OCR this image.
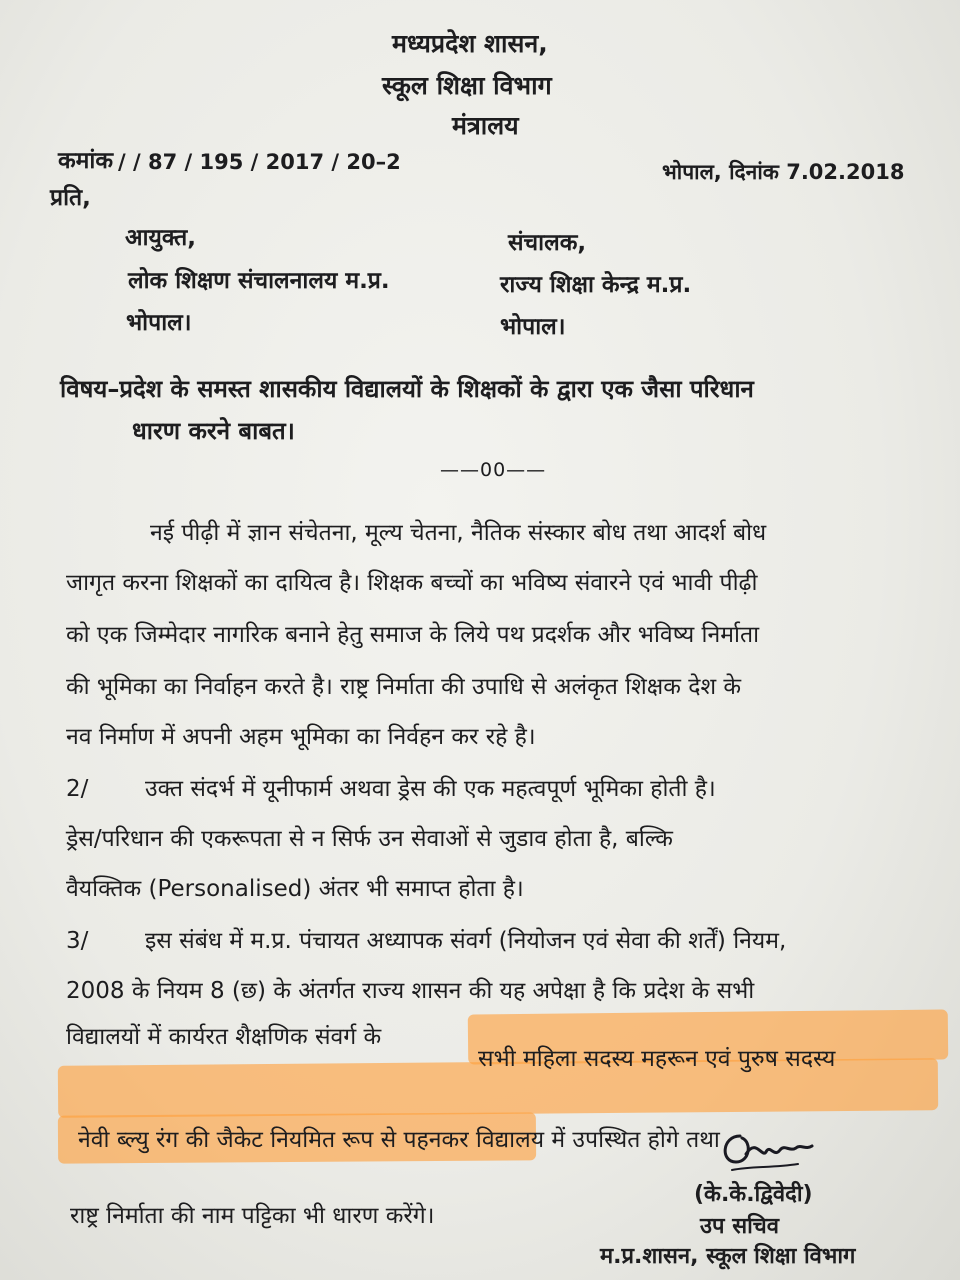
मध्यप्रदेश शासन,
स्कूल शिक्षा विभाग
मंत्रालय
कमांक / / 87 / 195 / 2017 / 20–2	भोपाल, दिनांक 7.02.2018
प्रति,
आयुक्त,
लोक शिक्षण संचालनालय म.प्र.
भोपाल।
संचालक,
राज्य शिक्षा केन्द्र म.प्र.
भोपाल।
विषय–प्रदेश के समस्त शासकीय विद्यालयों के शिक्षकों के द्वारा एक जैसा परिधान
धारण करने बाबत।
——00——
नई पीढ़ी में ज्ञान संचेतना, मूल्य चेतना, नैतिक संस्कार बोध तथा आदर्श बोध
जागृत करना शिक्षकों का दायित्व है। शिक्षक बच्चों का भविष्य संवारने एवं भावी पीढ़ी
को एक जिम्मेदार नागरिक बनाने हेतु समाज के लिये पथ प्रदर्शक और भविष्य निर्माता
की भूमिका का निर्वाहन करते है। राष्ट्र निर्माता की उपाधि से अलंकृत शिक्षक देश के
नव निर्माण में अपनी अहम भूमिका का निर्वहन कर रहे है।
2/ उक्त संदर्भ में यूनीफार्म अथवा ड्रेस की एक महत्वपूर्ण भूमिका होती है।
ड्रेस/परिधान की एकरूपता से न सिर्फ उन सेवाओं से जुडाव होता है, बल्कि
वैयक्तिक (Personalised) अंतर भी समाप्त होता है।
3/ इस संबंध में म.प्र. पंचायत अध्यापक संवर्ग (नियोजन एवं सेवा की शर्तें) नियम,
2008 के नियम 8 (छ) के अंतर्गत राज्य शासन की यह अपेक्षा है कि प्रदेश के सभी
विद्यालयों में कार्यरत शैक्षणिक संवर्ग के
सभी महिला सदस्य महरून एवं पुरुष सदस्य
नेवी ब्ल्यु रंग की जैकेट नियमित रूप से पहनकर विद्यालय में उपस्थित होगे तथा
राष्ट्र निर्माता की नाम पट्टिका भी धारण करेंगे।
(के.के.द्विवेदी)
उप सचिव
म.प्र.शासन, स्कूल शिक्षा विभाग
